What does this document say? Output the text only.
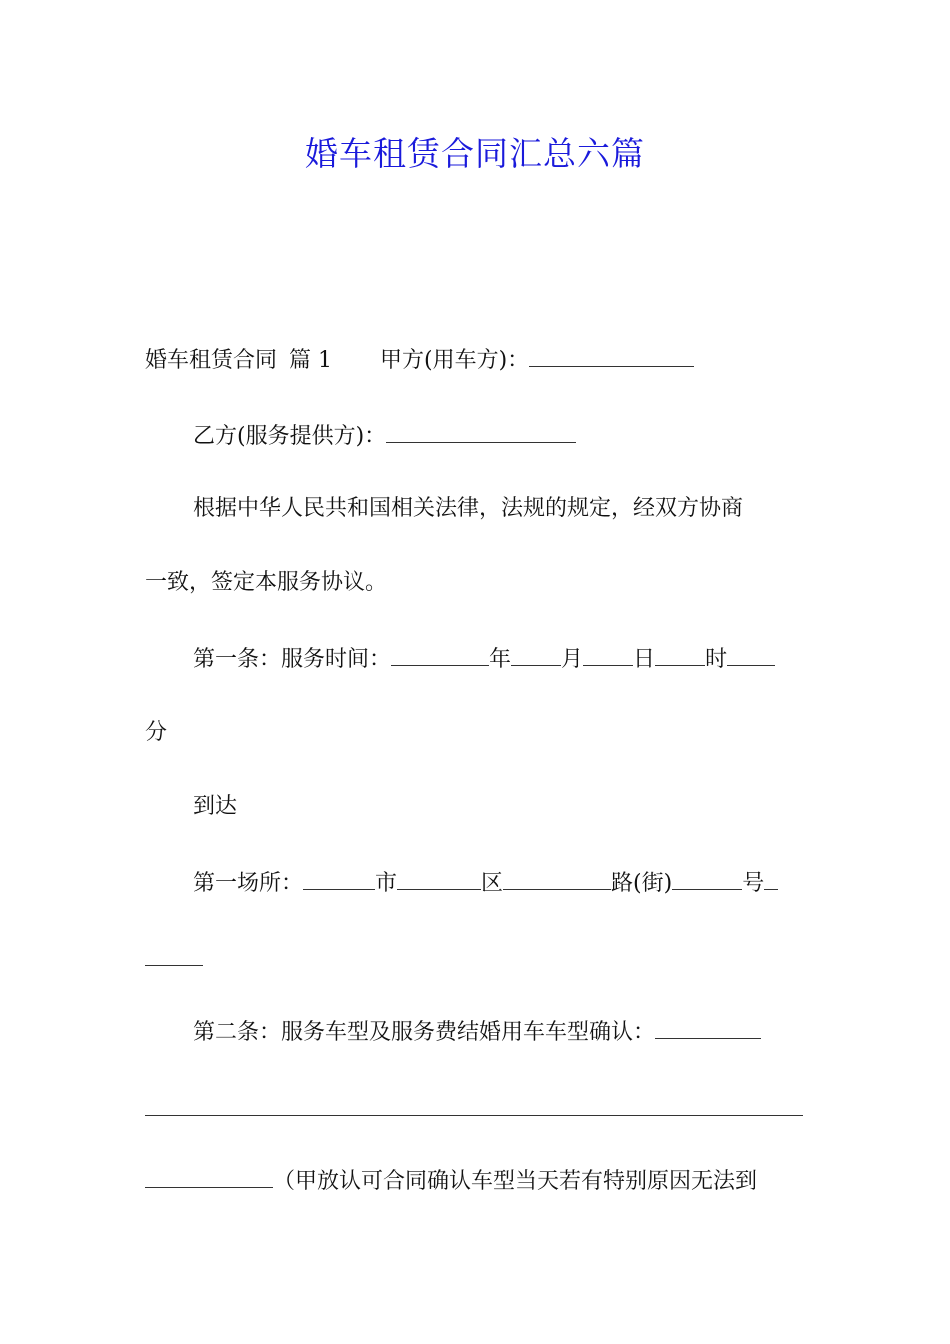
婚车租赁合同汇总六篇
婚车租赁合同 篇 1 甲方(用车方)：
乙方(服务提供方)：
根据中华人民共和国相关法律，法规的规定，经双方协商
一致，签定本服务协议。
第一条：服务时间：	年 月 日 时
分
到达
第一场所：	市	区	路(街)	号
第二条：服务车型及服务费结婚用车车型确认：
（甲放认可合同确认车型当天若有特别原因无法到
